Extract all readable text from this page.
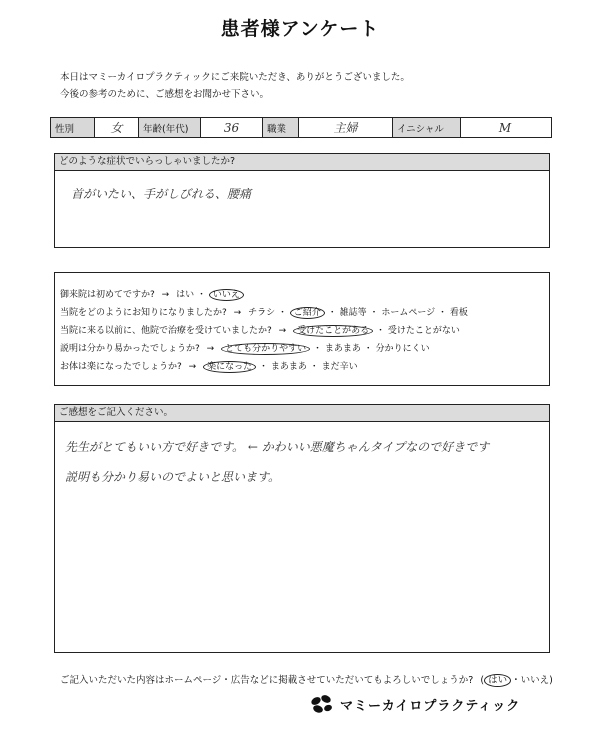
患者様アンケート
本日はマミーカイロプラクティックにご来院いただき、ありがとうございました。
今後の参考のために、ご感想をお聞かせ下さい。
性別	女	年齢(年代)	36	職業	主婦	イニシャル	M
どのような症状でいらっしゃいましたか?
首がいたい、手がしびれる、腰痛
御来院は初めてですか? → はい ・ いいえ
当院をどのようにお知りになりましたか? → チラシ ・ ご紹介 ・ 雑誌等 ・ ホームページ ・ 看板
当院に来る以前に、他院で治療を受けていましたか? → 受けたことがある ・ 受けたことがない
説明は分かり易かったでしょうか? → とても分かりやすい ・ まあまあ ・ 分かりにくい
お体は楽になったでしょうか? → 楽になった ・ まあまあ ・ まだ辛い
ご感想をご記入ください。
先生がとてもいい方で好きです。 ← かわいい悪魔ちゃんタイプなので好きです
説明も分かり易いのでよいと思います。
ご記入いただいた内容はホームページ・広告などに掲載させていただいてもよろしいでしょうか? ( はい ・いいえ)
マミーカイロプラクティック
